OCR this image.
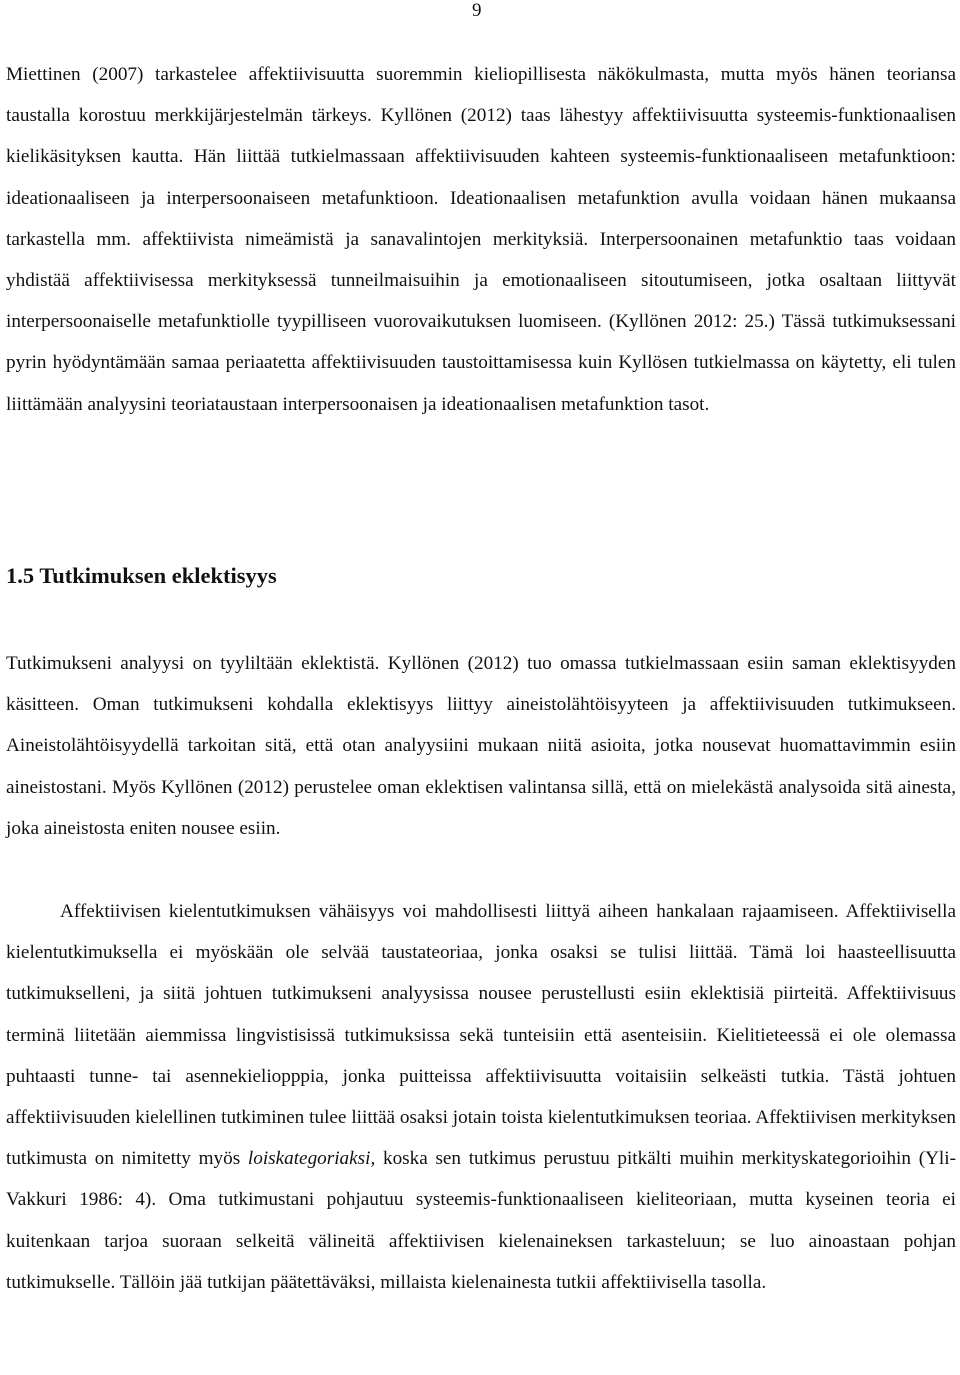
9

Miettinen (2007) tarkastelee affektiivisuutta suoremmin kieliopillisesta näkökulmasta, mutta myös hänen teoriansa taustalla korostuu merkkijärjestelmän tärkeys. Kyllönen (2012) taas lähestyy affektiivisuutta systeemis-funktionaalisen kielikäsityksen kautta. Hän liittää tutkielmassaan affektiivisuuden kahteen systeemis-funktionaaliseen metafunktioon: ideationaaliseen ja interpersoonaiseen metafunktioon. Ideationaalisen metafunktion avulla voidaan hänen mukaansa tarkastella mm. affektiivista nimeämistä ja sanavalintojen merkityksiä. Interpersoonainen metafunktio taas voidaan yhdistää affektiivisessa merkityksessä tunneilmaisuihin ja emotionaaliseen sitoutumiseen, jotka osaltaan liittyvät interpersoonaiselle metafunktiolle tyypilliseen vuorovaikutuksen luomiseen. (Kyllönen 2012: 25.) Tässä tutkimuksessani pyrin hyödyntämään samaa periaatetta affektiivisuuden taustoittamisessa kuin Kyllösen tutkielmassa on käytetty, eli tulen liittämään analyysini teoriataustaan interpersoonaisen ja ideationaalisen metafunktion tasot.

1.5 Tutkimuksen eklektisyys

Tutkimukseni analyysi on tyyliltään eklektistä. Kyllönen (2012) tuo omassa tutkielmassaan esiin saman eklektisyyden käsitteen. Oman tutkimukseni kohdalla eklektisyys liittyy aineistolähtöisyyteen ja affektiivisuuden tutkimukseen. Aineistolähtöisyydellä tarkoitan sitä, että otan analyysiini mukaan niitä asioita, jotka nousevat huomattavimmin esiin aineistostani. Myös Kyllönen (2012) perustelee oman eklektisen valintansa sillä, että on mielekästä analysoida sitä ainesta, joka aineistosta eniten nousee esiin.

Affektiivisen kielentutkimuksen vähäisyys voi mahdollisesti liittyä aiheen hankalaan rajaamiseen. Affektiivisella kielentutkimuksella ei myöskään ole selvää taustateoriaa, jonka osaksi se tulisi liittää. Tämä loi haasteellisuutta tutkimukselleni, ja siitä johtuen tutkimukseni analyysissa nousee perustellusti esiin eklektisiä piirteitä. Affektiivisuus terminä liitetään aiemmissa lingvistisissä tutkimuksissa sekä tunteisiin että asenteisiin. Kielitieteessä ei ole olemassa puhtaasti tunne- tai asennekieliopppia, jonka puitteissa affektiivisuutta voitaisiin selkeästi tutkia. Tästä johtuen affektiivisuuden kielellinen tutkiminen tulee liittää osaksi jotain toista kielentutkimuksen teoriaa. Affektiivisen merkityksen tutkimusta on nimitetty myös loiskategoriaksi, koska sen tutkimus perustuu pitkälti muihin merkityskategorioihin (Yli-Vakkuri 1986: 4). Oma tutkimustani pohjautuu systeemis-funktionaaliseen kieliteoriaan, mutta kyseinen teoria ei kuitenkaan tarjoa suoraan selkeitä välineitä affektiivisen kielenaineksen tarkasteluun; se luo ainoastaan pohjan tutkimukselle. Tällöin jää tutkijan päätettäväksi, millaista kielenainesta tutkii affektiivisella tasolla.
